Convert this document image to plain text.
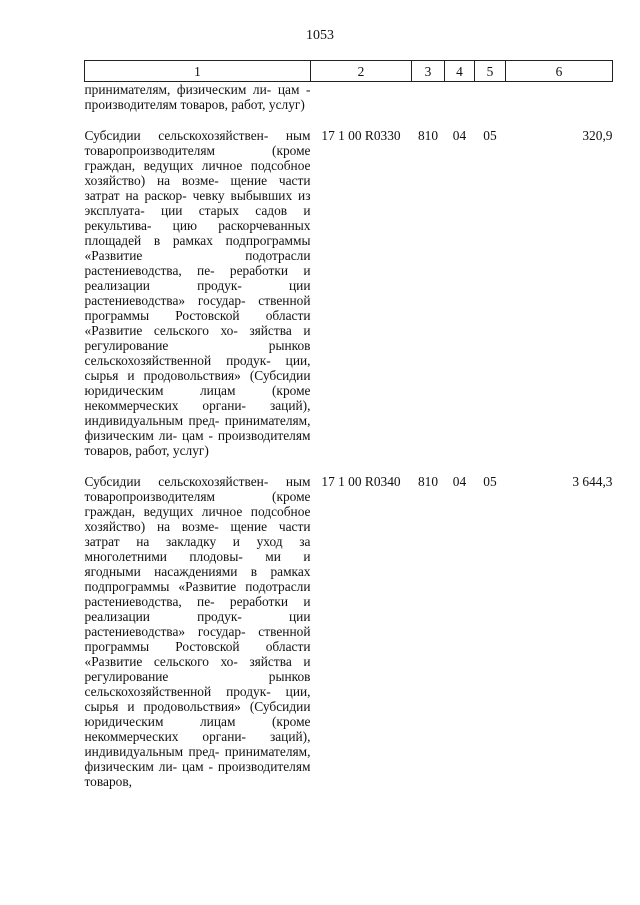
1053
1	2	3	4	5	6
принимателям, физическим ли- цам - производителям товаров, работ, услуг)					

Субсидии сельскохозяйствен- ным товаропроизводителям (кроме граждан, ведущих личное подсобное хозяйство) на возме- щение части затрат на раскор- чевку выбывших из эксплуата- ции старых садов и рекультива- цию раскорчеванных площадей в рамках подпрограммы «Развитие подотрасли растениеводства, пе- реработки и реализации продук- ции растениеводства» государ- ственной программы Ростовской области «Развитие сельского хо- зяйства и регулирование рынков сельскохозяйственной продук- ции, сырья и продовольствия» (Субсидии юридическим лицам (кроме некоммерческих органи- заций), индивидуальным пред- принимателям, физическим ли- цам - производителям товаров, работ, услуг)	17 1 00 R0330	810	04	05	320,9

Субсидии сельскохозяйствен- ным товаропроизводителям (кроме граждан, ведущих личное подсобное хозяйство) на возме- щение части затрат на закладку и уход за многолетними плодовы- ми и ягодными насаждениями в рамках подпрограммы «Развитие подотрасли растениеводства, пе- реработки и реализации продук- ции растениеводства» государ- ственной программы Ростовской области «Развитие сельского хо- зяйства и регулирование рынков сельскохозяйственной продук- ции, сырья и продовольствия» (Субсидии юридическим лицам (кроме некоммерческих органи- заций), индивидуальным пред- принимателям, физическим ли- цам - производителям товаров,	17 1 00 R0340	810	04	05	3 644,3
